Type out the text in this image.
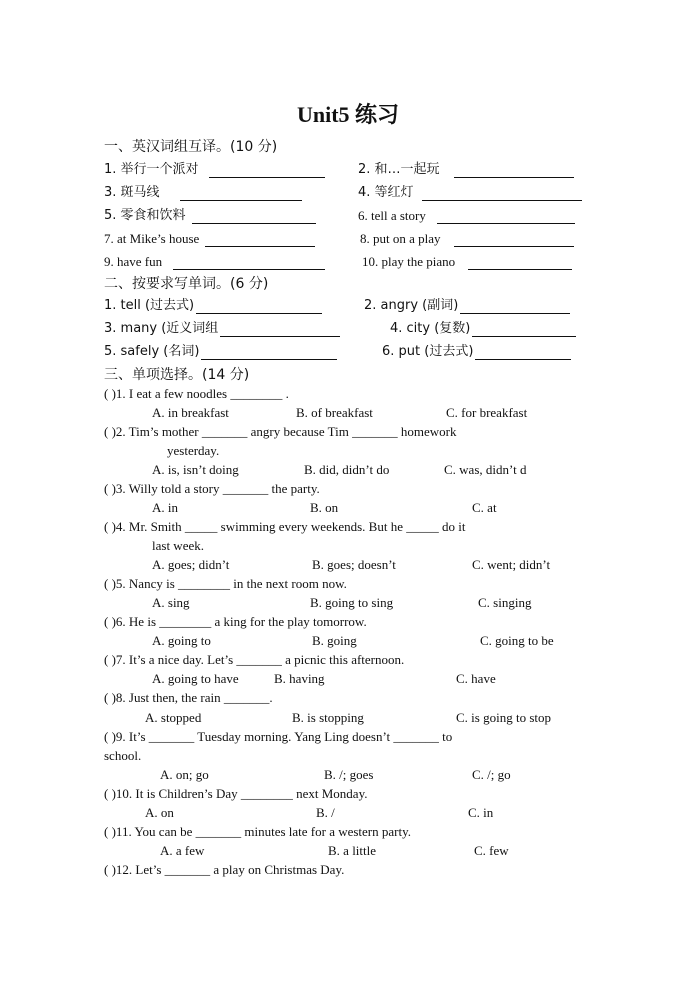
Unit5 练习
一、英汉词组互译。(10 分)
1. 举行一个派对	2. 和…一起玩
3. 斑马线	4. 等红灯
5. 零食和饮料	6. tell a story
7. at Mike’s house	8. put on a play
9. have fun	10. play the piano
二、按要求写单词。(6 分)
1. tell (过去式)	2. angry (副词)
3. many (近义词组	4. city (复数)
5. safely (名词)	6. put (过去式)
三、单项选择。(14 分)
( )1. I eat a few noodles ________ .
A. in breakfast	B. of breakfast	C. for breakfast
( )2. Tim’s mother _______ angry because Tim _______ homework
yesterday.
A. is, isn’t doing	B. did, didn’t do	C. was, didn’t d
( )3. Willy told a story _______ the party.
A. in	B. on	C. at
( )4. Mr. Smith _____ swimming every weekends. But he _____ do it
last week.
A. goes; didn’t	B. goes; doesn’t	C. went; didn’t
( )5. Nancy is ________ in the next room now.
A. sing	B. going to sing	C. singing
( )6. He is ________ a king for the play tomorrow.
A. going to	B. going	C. going to be
( )7. It’s a nice day. Let’s _______ a picnic this afternoon.
A. going to have	B. having	C. have
( )8. Just then, the rain _______.
A. stopped	B. is stopping	C. is going to stop
( )9. It’s _______ Tuesday morning. Yang Ling doesn’t _______ to
school.
A. on; go	B. /; goes	C. /; go
( )10. It is Children’s Day ________ next Monday.
A. on	B. /	C. in
( )11. You can be _______ minutes late for a western party.
A. a few	B. a little	C. few
( )12. Let’s _______ a play on Christmas Day.
